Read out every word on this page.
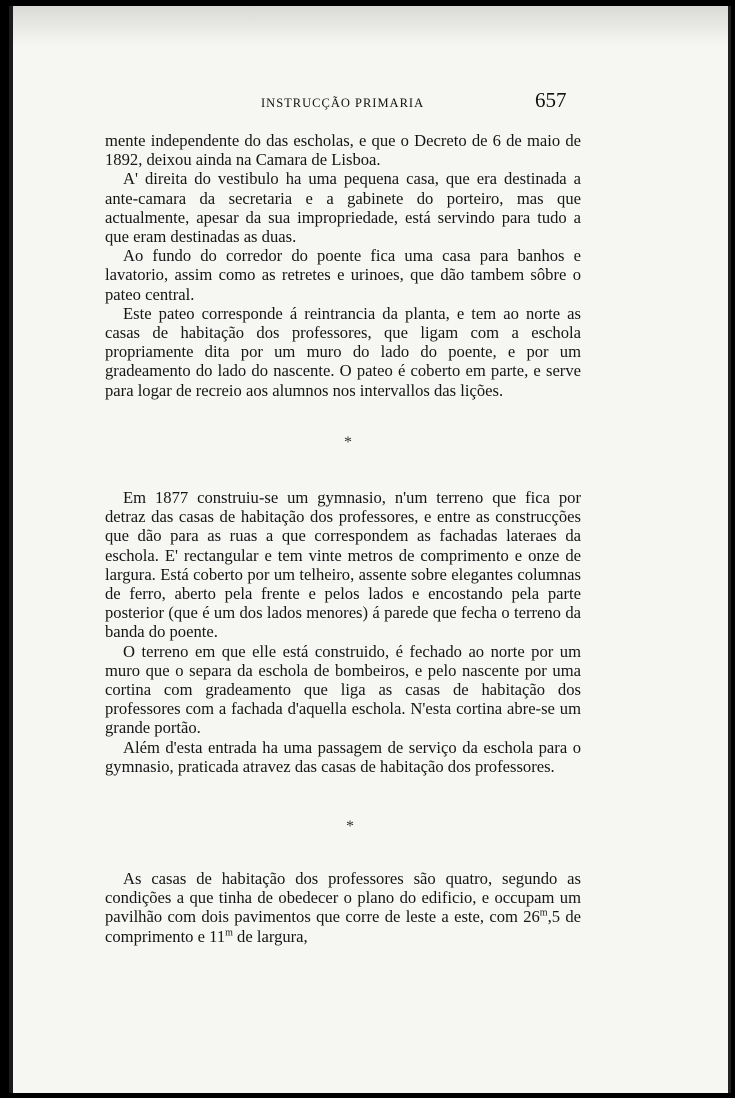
INSTRUCÇÃO PRIMARIA	657

mente independente do das escholas, e que o Decreto de 6 de maio de 1892, deixou ainda na Camara de Lisboa.

A' direita do vestibulo ha uma pequena casa, que era destinada a ante-camara da secretaria e a gabinete do porteiro, mas que actualmente, apesar da sua impropriedade, está servindo para tudo a que eram destinadas as duas.

Ao fundo do corredor do poente fica uma casa para banhos e lavatorio, assim como as retretes e urinoes, que dão tambem sôbre o pateo central.

Este pateo corresponde á reintrancia da planta, e tem ao norte as casas de habitação dos professores, que ligam com a eschola propriamente dita por um muro do lado do poente, e por um gradeamento do lado do nascente. O pateo é coberto em parte, e serve para logar de recreio aos alumnos nos intervallos das lições.

*

Em 1877 construiu-se um gymnasio, n'um terreno que fica por detraz das casas de habitação dos professores, e entre as construcções que dão para as ruas a que correspondem as fachadas lateraes da eschola. E' rectangular e tem vinte metros de comprimento e onze de largura. Está coberto por um telheiro, assente sobre elegantes columnas de ferro, aberto pela frente e pelos lados e encostando pela parte posterior (que é um dos lados menores) á parede que fecha o terreno da banda do poente.

O terreno em que elle está construido, é fechado ao norte por um muro que o separa da eschola de bombeiros, e pelo nascente por uma cortina com gradeamento que liga as casas de habitação dos professores com a fachada d'aquella eschola. N'esta cortina abre-se um grande portão.

Além d'esta entrada ha uma passagem de serviço da eschola para o gymnasio, praticada atravez das casas de habitação dos professores.

*

As casas de habitação dos professores são quatro, segundo as condições a que tinha de obedecer o plano do edificio, e occupam um pavilhão com dois pavimentos que corre de leste a este, com 26$^m$,5 de comprimento e 11$^m$ de largura,
